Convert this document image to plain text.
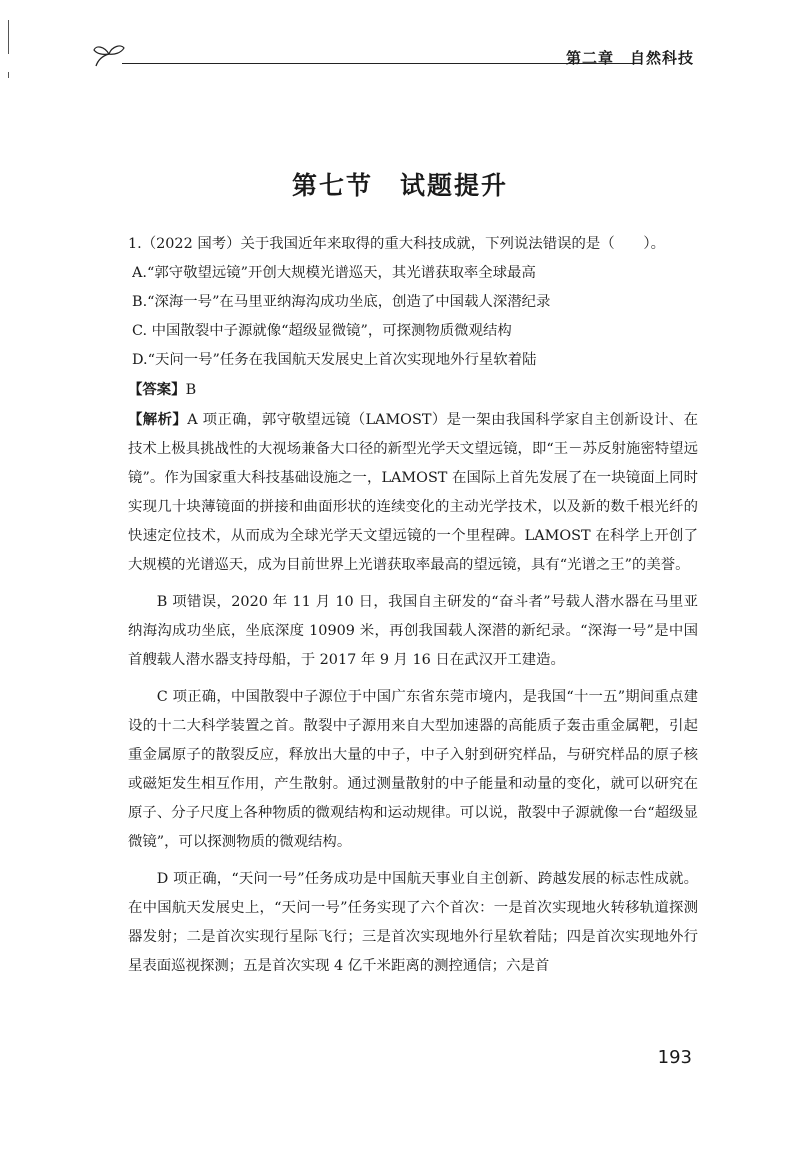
第二章　自然科技
第七节　试题提升

1.（2022 国考）关于我国近年来取得的重大科技成就，下列说法错误的是（　　）。

A.“郭守敬望远镜”开创大规模光谱巡天，其光谱获取率全球最高

B.“深海一号”在马里亚纳海沟成功坐底，创造了中国载人深潜纪录

C. 中国散裂中子源就像“超级显微镜”，可探测物质微观结构

D.“天问一号”任务在我国航天发展史上首次实现地外行星软着陆

【答案】B

【解析】A 项正确，郭守敬望远镜（LAMOST）是一架由我国科学家自主创新设计、在技术上极具挑战性的大视场兼备大口径的新型光学天文望远镜，即“王－苏反射施密特望远镜”。作为国家重大科技基础设施之一，LAMOST 在国际上首先发展了在一块镜面上同时实现几十块薄镜面的拼接和曲面形状的连续变化的主动光学技术，以及新的数千根光纤的快速定位技术，从而成为全球光学天文望远镜的一个里程碑。LAMOST 在科学上开创了大规模的光谱巡天，成为目前世界上光谱获取率最高的望远镜，具有“光谱之王”的美誉。

B 项错误，2020 年 11 月 10 日，我国自主研发的“奋斗者”号载人潜水器在马里亚纳海沟成功坐底，坐底深度 10909 米，再创我国载人深潜的新纪录。“深海一号”是中国首艘载人潜水器支持母船，于 2017 年 9 月 16 日在武汉开工建造。

C 项正确，中国散裂中子源位于中国广东省东莞市境内，是我国“十一五”期间重点建设的十二大科学装置之首。散裂中子源用来自大型加速器的高能质子轰击重金属靶，引起重金属原子的散裂反应，释放出大量的中子，中子入射到研究样品，与研究样品的原子核或磁矩发生相互作用，产生散射。通过测量散射的中子能量和动量的变化，就可以研究在原子、分子尺度上各种物质的微观结构和运动规律。可以说，散裂中子源就像一台“超级显微镜”，可以探测物质的微观结构。

D 项正确，“天问一号”任务成功是中国航天事业自主创新、跨越发展的标志性成就。在中国航天发展史上，“天问一号”任务实现了六个首次：一是首次实现地火转移轨道探测器发射；二是首次实现行星际飞行；三是首次实现地外行星软着陆；四是首次实现地外行星表面巡视探测；五是首次实现 4 亿千米距离的测控通信；六是首

193
